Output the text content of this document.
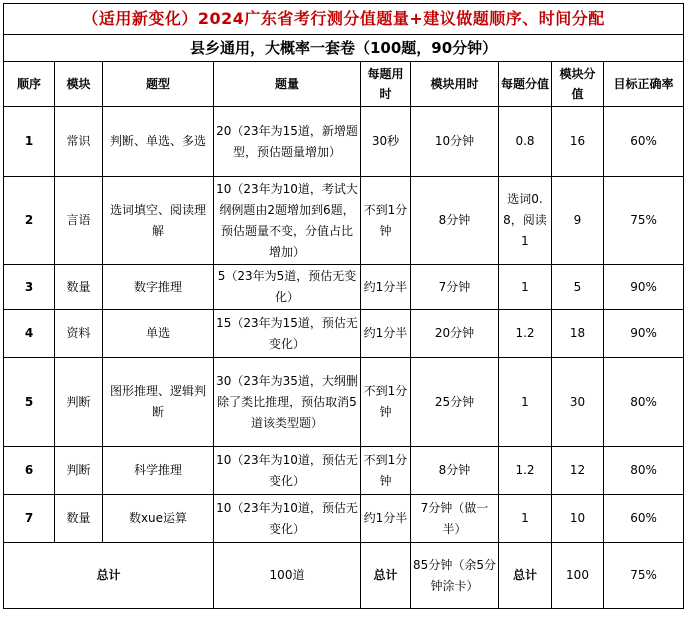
（适用新变化）2024广东省考行测分值题量+建议做题顺序、时间分配								
县乡通用，大概率一套卷（100题，90分钟）								
顺序	模块	题型	题量	每题用时	模块用时	每题分值	模块分值	目标正确率
1	常识	判断、单选、多选	20（23年为15道，新增题型，预估题量增加）	30秒	10分钟	0.8	16	60%
2	言语	选词填空、阅读理解	10（23年为10道，考试大纲例题由2题增加到6题，预估题量不变，分值占比增加）	不到1分钟	8分钟	选词0.8，阅读1	9	75%
3	数量	数字推理	5（23年为5道，预估无变化）	约1分半	7分钟	1	5	90%
4	资料	单选	15（23年为15道，预估无变化）	约1分半	20分钟	1.2	18	90%
5	判断	图形推理、逻辑判断	30（23年为35道，大纲删除了类比推理，预估取消5道该类型题）	不到1分钟	25分钟	1	30	80%
6	判断	科学推理	10（23年为10道，预估无变化）	不到1分钟	8分钟	1.2	12	80%
7	数量	数xue运算	10（23年为10道，预估无变化）	约1分半	7分钟（做一半）	1	10	60%
总计			100道	总计	85分钟（余5分钟涂卡）	总计	100	75%
